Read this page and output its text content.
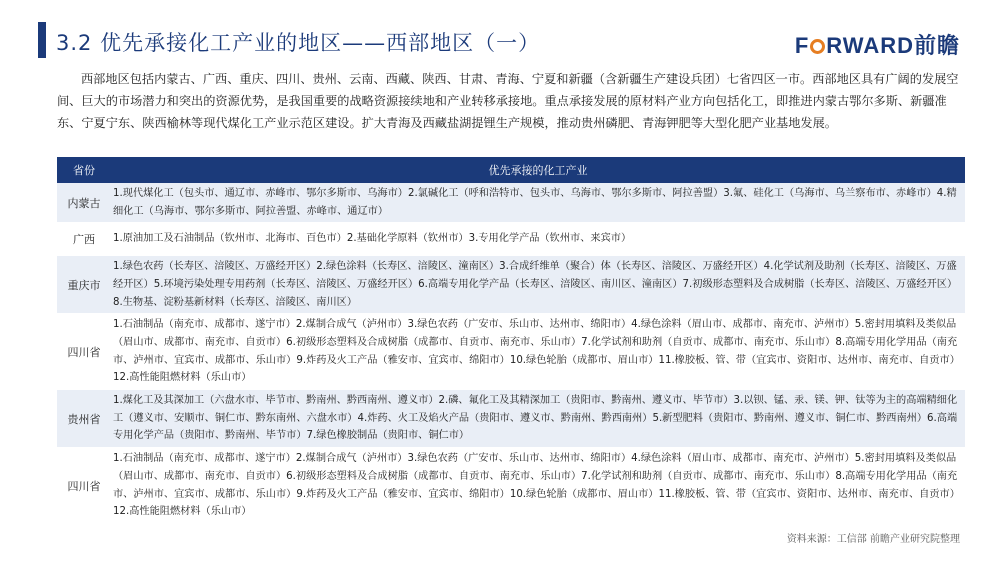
3.2 优先承接化工产业的地区——西部地区（一）	F RWARD前瞻
西部地区包括内蒙古、广西、重庆、四川、贵州、云南、西藏、陕西、甘肃、青海、宁夏和新疆（含新疆生产建设兵团）七省四区一市。西部地区具有广阔的发展空间、巨大的市场潜力和突出的资源优势，是我国重要的战略资源接续地和产业转移承接地。重点承接发展的原材料产业方向包括化工，即推进内蒙古鄂尔多斯、新疆准东、宁夏宁东、陕西榆林等现代煤化工产业示范区建设。扩大青海及西藏盐湖提锂生产规模，推动贵州磷肥、青海钾肥等大型化肥产业基地发展。
省份	优先承接的化工产业
内蒙古	1.现代煤化工（包头市、通辽市、赤峰市、鄂尔多斯市、乌海市）2.氯碱化工（呼和浩特市、包头市、乌海市、鄂尔多斯市、阿拉善盟）3.氟、硅化工（乌海市、乌兰察布市、赤峰市）4.精细化工（乌海市、鄂尔多斯市、阿拉善盟、赤峰市、通辽市）
广西	1.原油加工及石油制品（钦州市、北海市、百色市）2.基础化学原料（钦州市）3.专用化学产品（钦州市、来宾市）
重庆市	1.绿色农药（长寿区、涪陵区、万盛经开区）2.绿色涂料（长寿区、涪陵区、潼南区）3.合成纤维单（聚合）体（长寿区、涪陵区、万盛经开区）4.化学试剂及助剂（长寿区、涪陵区、万盛经开区）5.环境污染处理专用药剂（长寿区、涪陵区、万盛经开区）6.高端专用化学产品（长寿区、涪陵区、南川区、潼南区）7.初级形态塑料及合成树脂（长寿区、涪陵区、万盛经开区）8.生物基、淀粉基新材料（长寿区、涪陵区、南川区）
四川省	1.石油制品（南充市、成都市、遂宁市）2.煤制合成气（泸州市）3.绿色农药（广安市、乐山市、达州市、绵阳市）4.绿色涂料（眉山市、成都市、南充市、泸州市）5.密封用填料及类似品（眉山市、成都市、南充市、自贡市）6.初级形态塑料及合成树脂（成都市、自贡市、南充市、乐山市）7.化学试剂和助剂（自贡市、成都市、南充市、乐山市）8.高端专用化学用品（南充市、泸州市、宜宾市、成都市、乐山市）9.炸药及火工产品（雅安市、宜宾市、绵阳市）10.绿色轮胎（成都市、眉山市）11.橡胶板、管、带（宜宾市、资阳市、达州市、南充市、自贡市）12.高性能阻燃材料（乐山市）
贵州省	1.煤化工及其深加工（六盘水市、毕节市、黔南州、黔西南州、遵义市）2.磷、氟化工及其精深加工（贵阳市、黔南州、遵义市、毕节市）3.以钡、锰、汞、镁、钾、钛等为主的高端精细化工（遵义市、安顺市、铜仁市、黔东南州、六盘水市）4.炸药、火工及焰火产品（贵阳市、遵义市、黔南州、黔西南州）5.新型肥料（贵阳市、黔南州、遵义市、铜仁市、黔西南州）6.高端专用化学产品（贵阳市、黔南州、毕节市）7.绿色橡胶制品（贵阳市、铜仁市）
四川省	1.石油制品（南充市、成都市、遂宁市）2.煤制合成气（泸州市）3.绿色农药（广安市、乐山市、达州市、绵阳市）4.绿色涂料（眉山市、成都市、南充市、泸州市）5.密封用填料及类似品（眉山市、成都市、南充市、自贡市）6.初级形态塑料及合成树脂（成都市、自贡市、南充市、乐山市）7.化学试剂和助剂（自贡市、成都市、南充市、乐山市）8.高端专用化学用品（南充市、泸州市、宜宾市、成都市、乐山市）9.炸药及火工产品（雅安市、宜宾市、绵阳市）10.绿色轮胎（成都市、眉山市）11.橡胶板、管、带（宜宾市、资阳市、达州市、南充市、自贡市）12.高性能阻燃材料（乐山市）
资料来源：工信部 前瞻产业研究院整理
